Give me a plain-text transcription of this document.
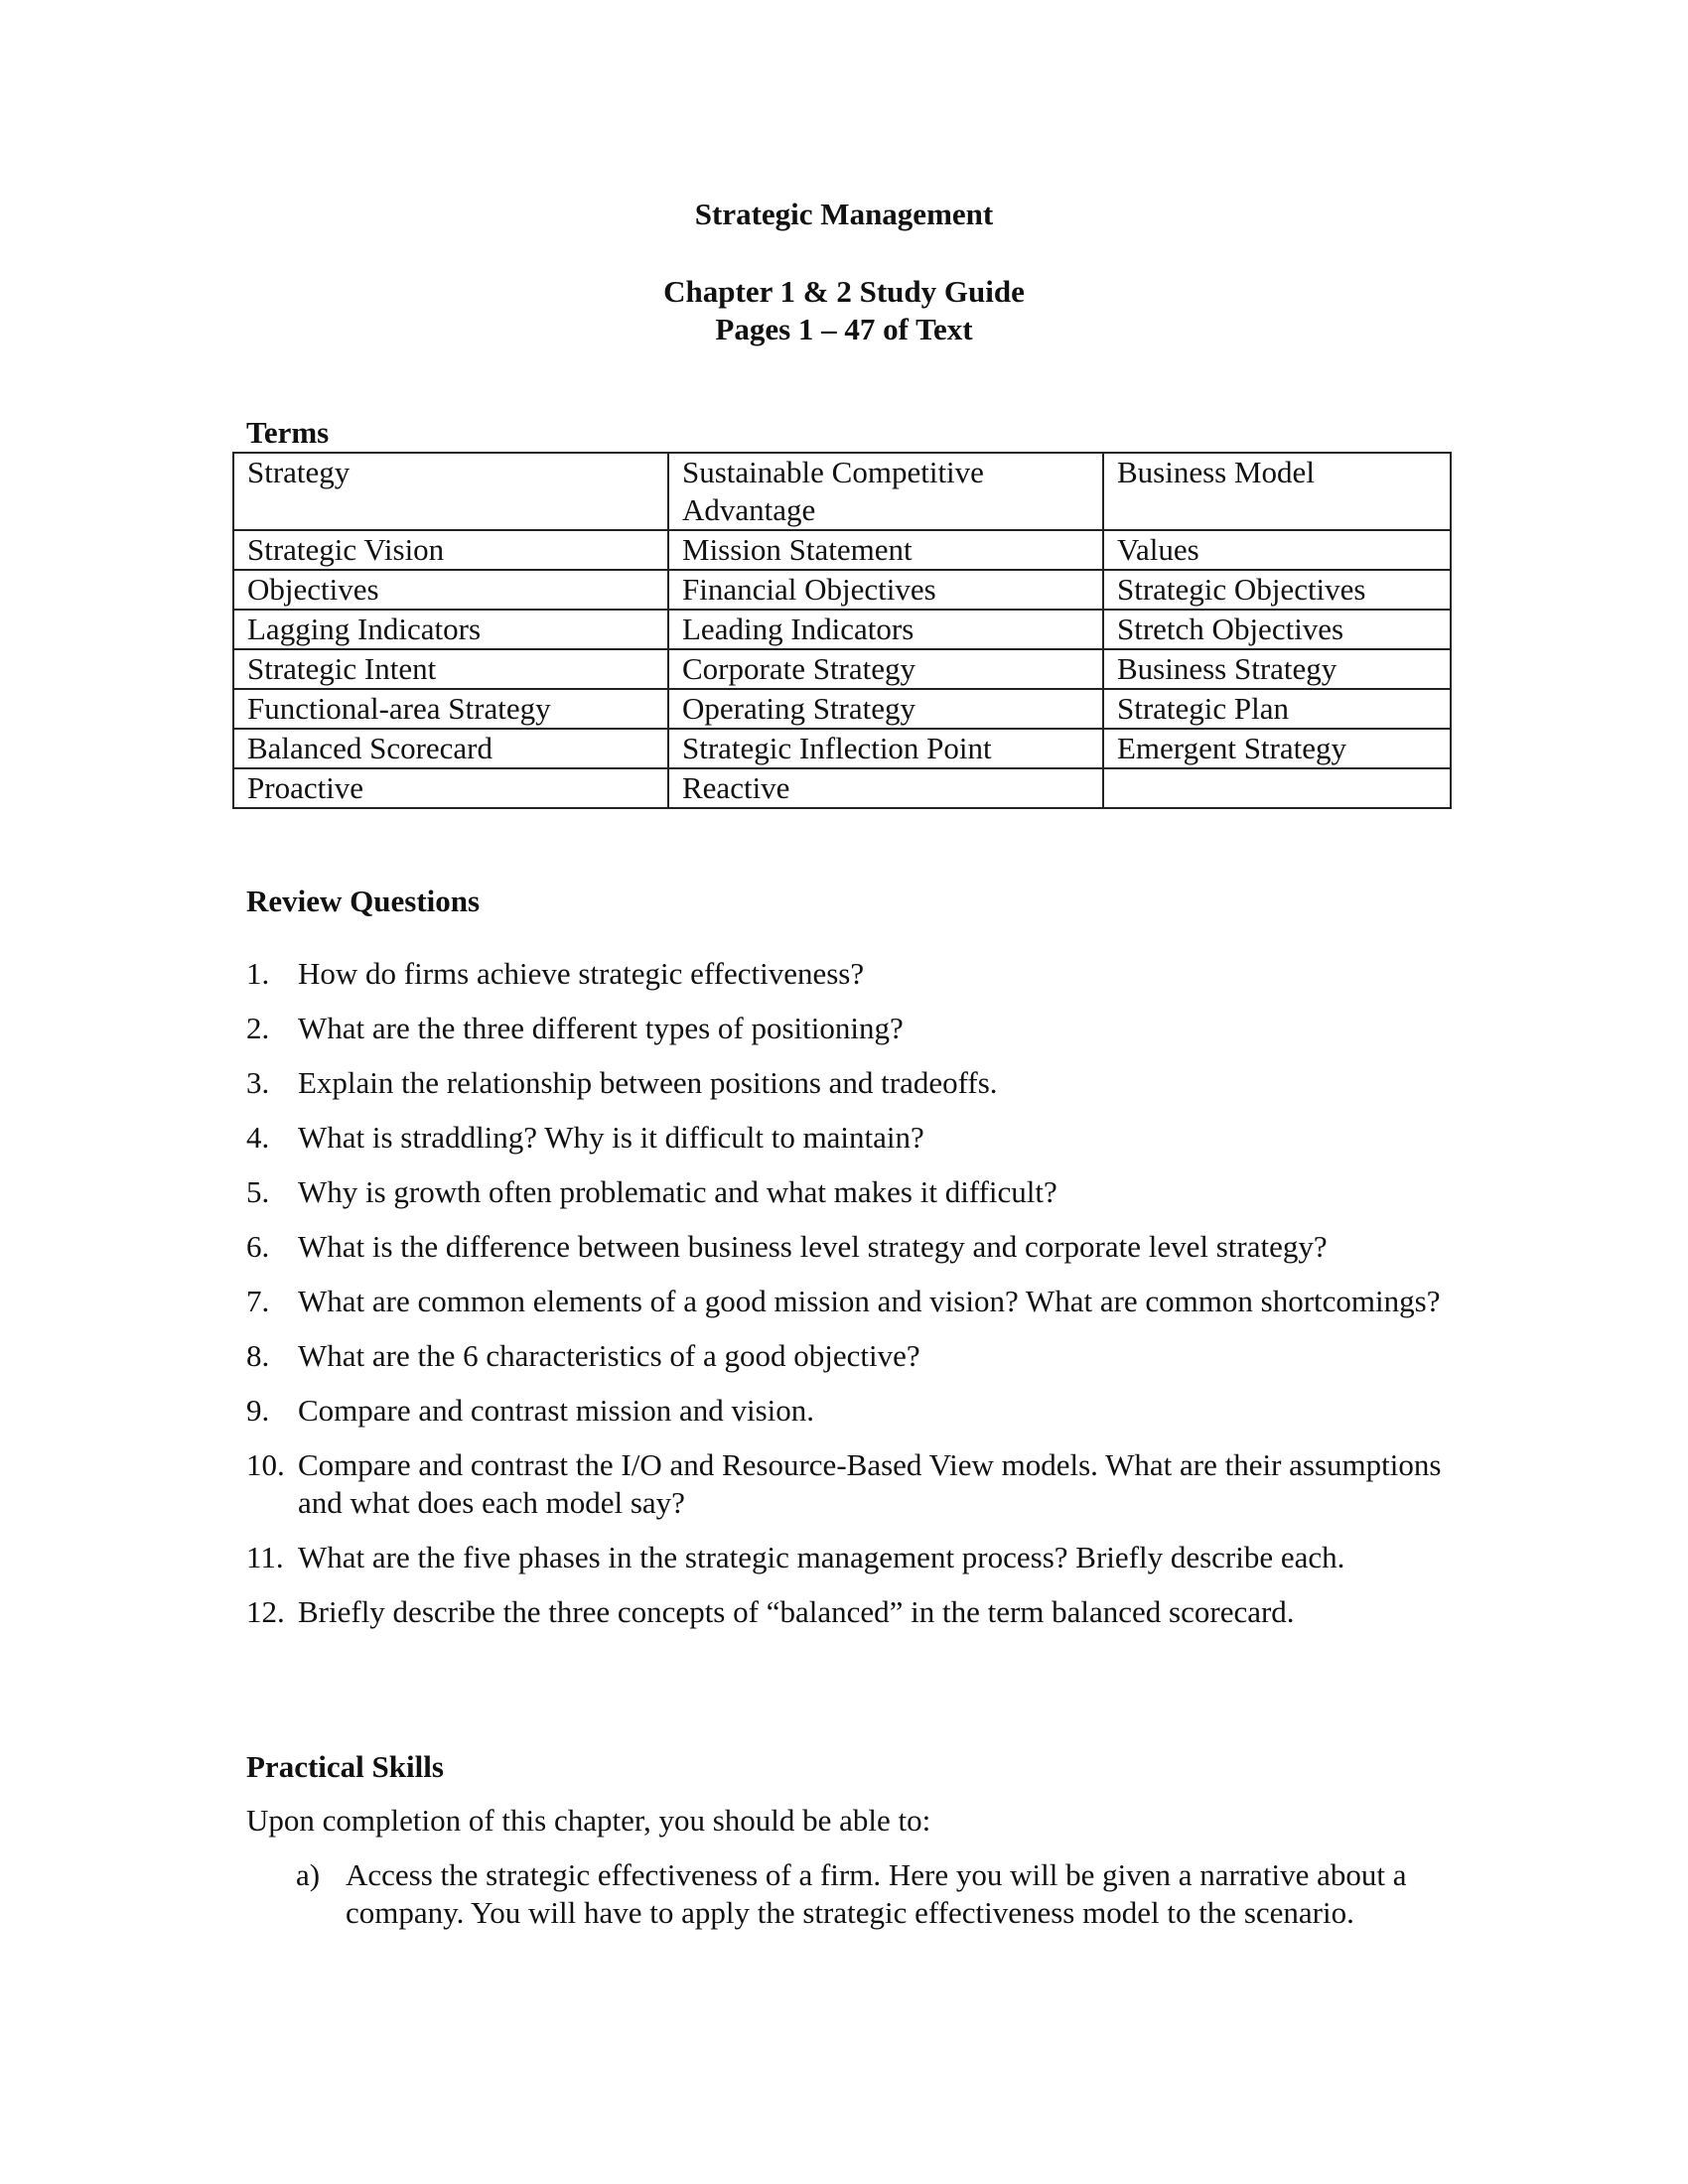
Strategic Management
Chapter 1 & 2 Study Guide
Pages 1 – 47 of Text
Terms
Strategy	Sustainable Competitive Advantage	Business Model
Strategic Vision	Mission Statement	Values
Objectives	Financial Objectives	Strategic Objectives
Lagging Indicators	Leading Indicators	Stretch Objectives
Strategic Intent	Corporate Strategy	Business Strategy
Functional-area Strategy	Operating Strategy	Strategic Plan
Balanced Scorecard	Strategic Inflection Point	Emergent Strategy
Proactive	Reactive	
Review Questions
1. How do firms achieve strategic effectiveness?
2. What are the three different types of positioning?
3. Explain the relationship between positions and tradeoffs.
4. What is straddling? Why is it difficult to maintain?
5. Why is growth often problematic and what makes it difficult?
6. What is the difference between business level strategy and corporate level strategy?
7. What are common elements of a good mission and vision? What are common shortcomings?
8. What are the 6 characteristics of a good objective?
9. Compare and contrast mission and vision.
10. Compare and contrast the I/O and Resource-Based View models. What are their assumptions and what does each model say?
11. What are the five phases in the strategic management process? Briefly describe each.
12. Briefly describe the three concepts of “balanced” in the term balanced scorecard.
Practical Skills
Upon completion of this chapter, you should be able to:
a) Access the strategic effectiveness of a firm. Here you will be given a narrative about a company. You will have to apply the strategic effectiveness model to the scenario.
